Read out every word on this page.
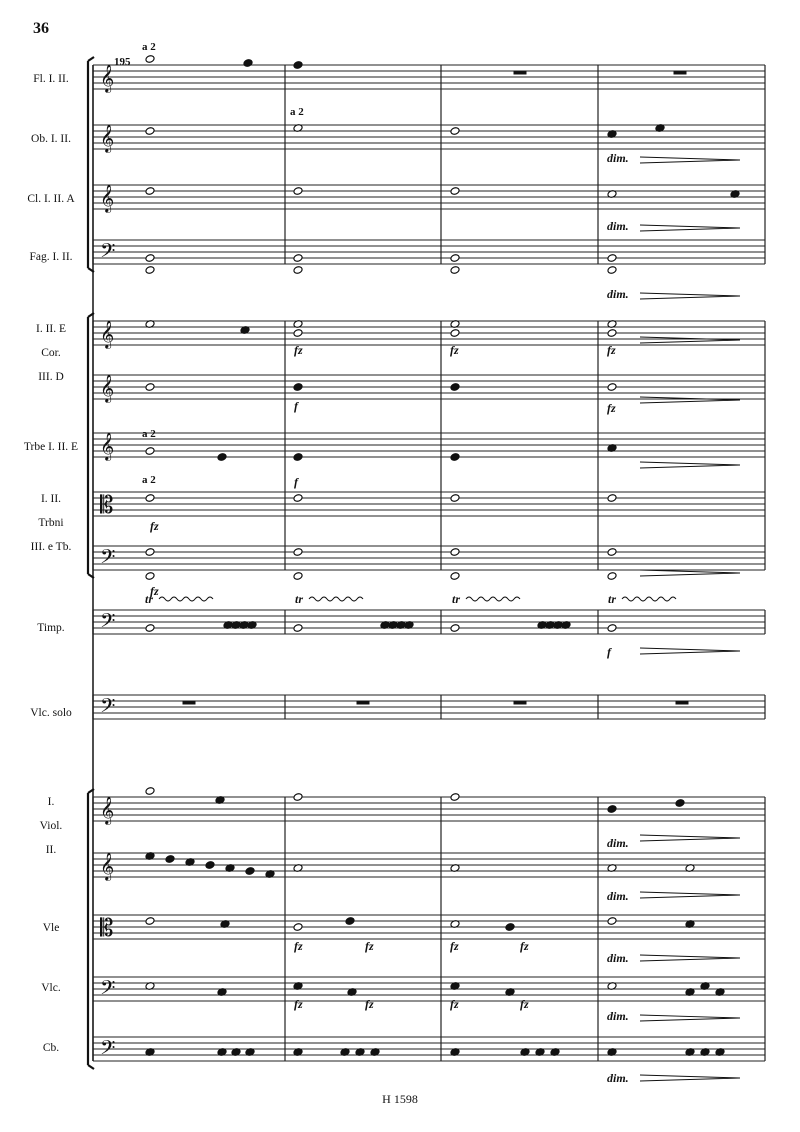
36
𝄞
𝄞
𝄞
𝄢
𝄞
𝄞
𝄞
𝄡
𝄢
𝄢
𝄢
𝄞
𝄞
𝄡
𝄢
𝄢
a 2
a 2
a 2
a 2
195
dim.
dim.
dim.
dim.
dim.
dim.
dim.
dim.
fz	fz	fz
fz
fz
fz
fz	fz	fz	fz
fz	fz	fz	fz
f
f
f
tr	tr	tr	tr
Fl. I. II.
Ob. I. II.
Cl. I. II. A
Fag. I. II.
I. II. E
Cor.
III. D
Trbe I. II. E
I. II.
Trbni
III. e Tb.
Timp.
Vlc. solo
I.
Viol.
II.
Vle
Vlc.
Cb.
H 1598
